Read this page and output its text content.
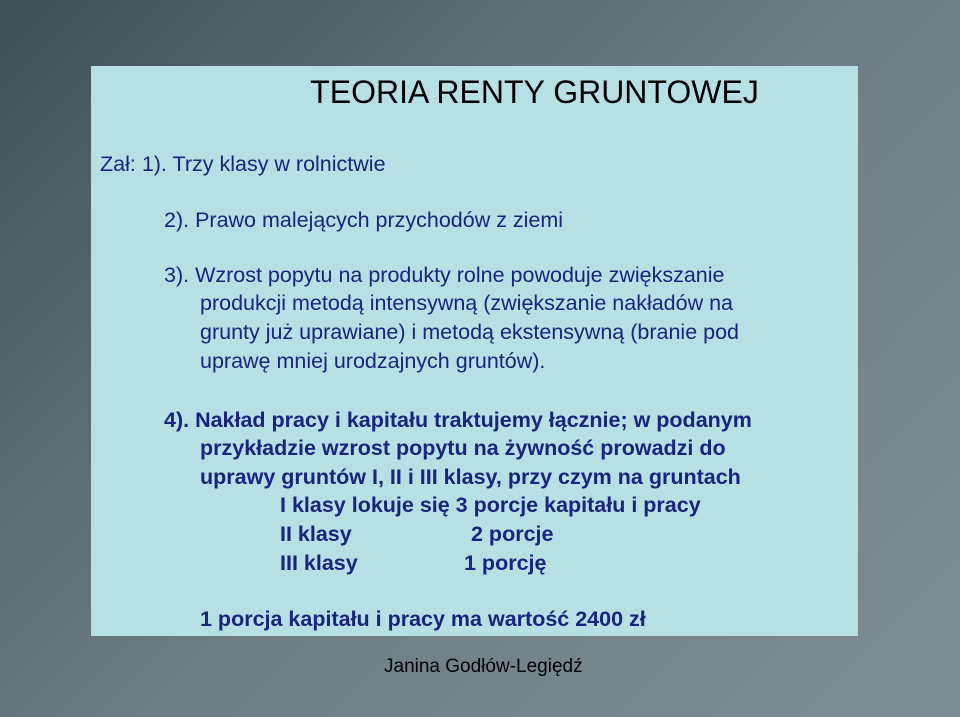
TEORIA RENTY GRUNTOWEJ
Zał: 1). Trzy klasy w rolnictwie
2). Prawo malejących przychodów z ziemi
3). Wzrost popytu na produkty rolne powoduje zwiększanie
produkcji metodą intensywną (zwiększanie nakładów na
grunty już uprawiane) i metodą ekstensywną (branie pod
uprawę mniej urodzajnych gruntów).
4). Nakład pracy i kapitału traktujemy łącznie; w podanym
przykładzie wzrost popytu na żywność prowadzi do
uprawy gruntów I, II i III klasy, przy czym na gruntach
I klasy lokuje się 3 porcje kapitału i pracy
II klasy	2 porcje
III klasy	1 porcję
1 porcja kapitału i pracy ma wartość 2400 zł
Janina Godłów-Legiędź
